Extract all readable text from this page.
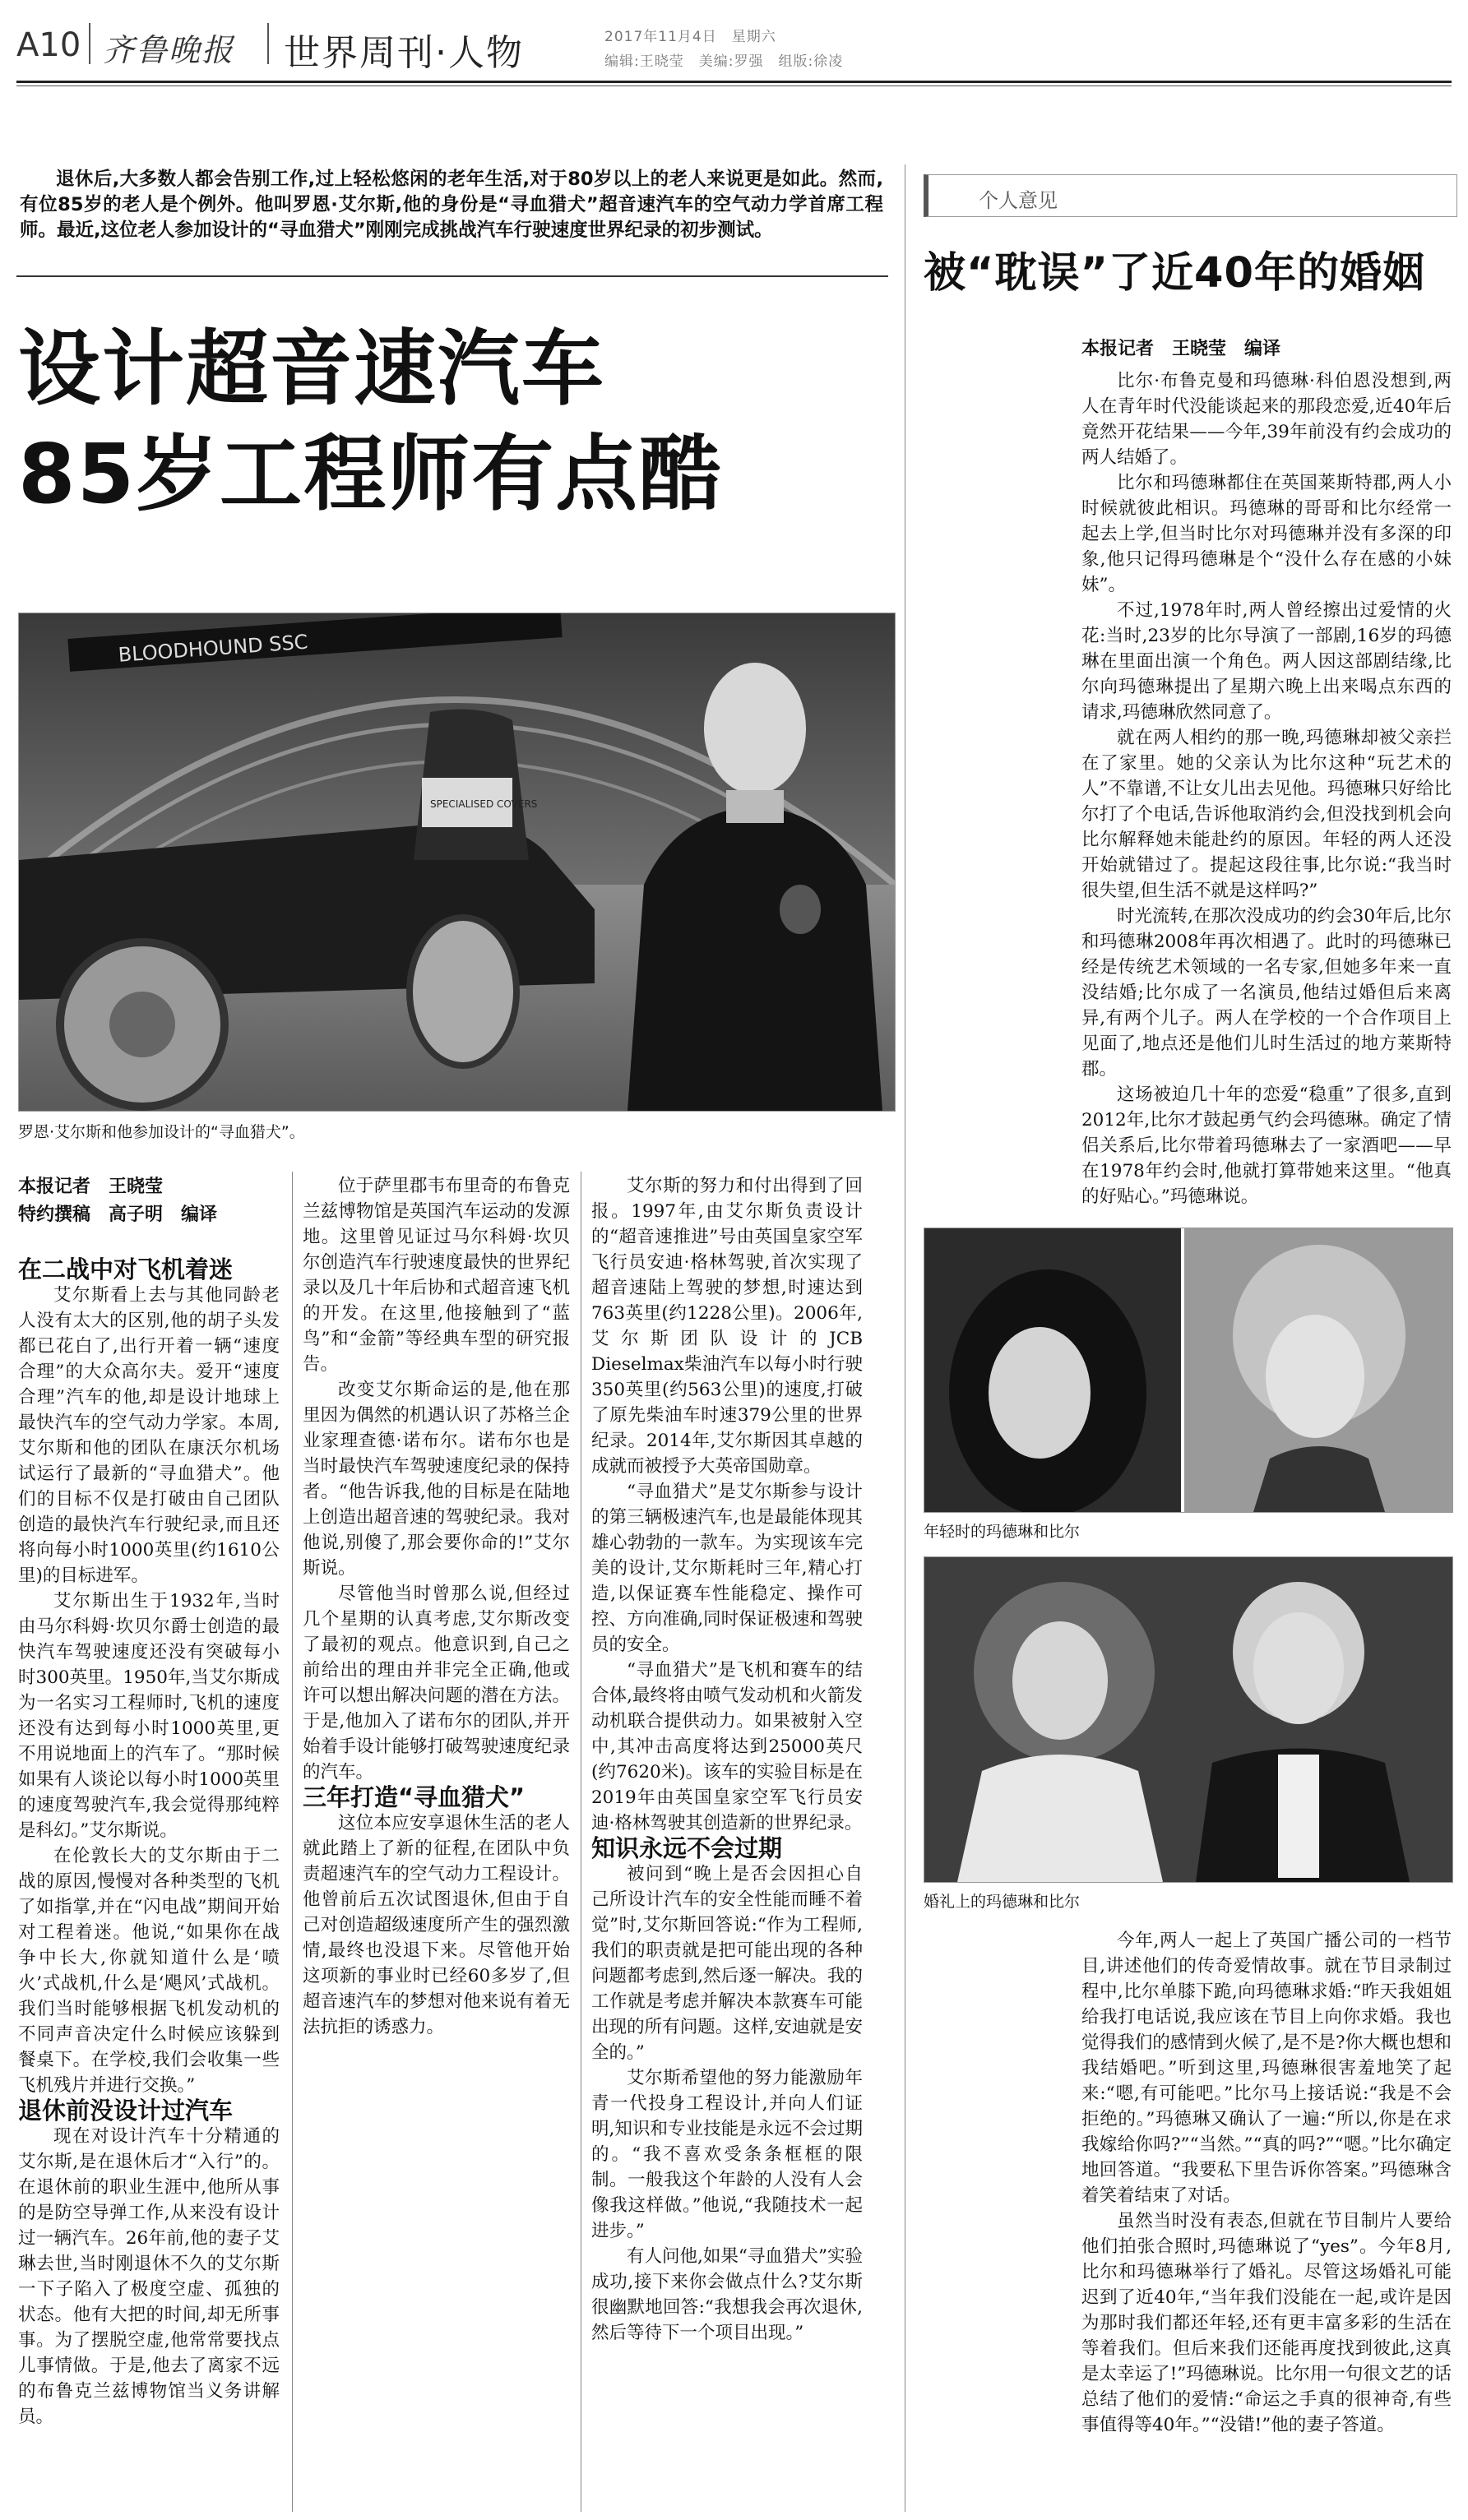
A10 齐鲁晚报 世界周刊·人物	2017年11月4日　星期六
编辑:王晓莹　美编:罗强　组版:徐凌
退休后,大多数人都会告别工作,过上轻松悠闲的老年生活,对于80岁以上的老人来说更是如此。然而,有位85岁的老人是个例外。他叫罗恩·艾尔斯,他的身份是“寻血猎犬”超音速汽车的空气动力学首席工程师。最近,这位老人参加设计的“寻血猎犬”刚刚完成挑战汽车行驶速度世界纪录的初步测试。
设计超音速汽车
85岁工程师有点酷
BLOODHOUND SSC
SPECIALISED COVERS
罗恩·艾尔斯和他参加设计的“寻血猎犬”。

本报记者　王晓莹

特约撰稿　高子明　编译

在二战中对飞机着迷

艾尔斯看上去与其他同龄老人没有太大的区别,他的胡子头发都已花白了,出行开着一辆“速度合理”的大众高尔夫。爱开“速度合理”汽车的他,却是设计地球上最快汽车的空气动力学家。本周,艾尔斯和他的团队在康沃尔机场试运行了最新的“寻血猎犬”。他们的目标不仅是打破由自己团队创造的最快汽车行驶纪录,而且还将向每小时1000英里(约1610公里)的目标进军。

艾尔斯出生于1932年,当时由马尔科姆·坎贝尔爵士创造的最快汽车驾驶速度还没有突破每小时300英里。1950年,当艾尔斯成为一名实习工程师时,飞机的速度还没有达到每小时1000英里,更不用说地面上的汽车了。“那时候如果有人谈论以每小时1000英里的速度驾驶汽车,我会觉得那纯粹是科幻。”艾尔斯说。

在伦敦长大的艾尔斯由于二战的原因,慢慢对各种类型的飞机了如指掌,并在“闪电战”期间开始对工程着迷。他说,“如果你在战争中长大,你就知道什么是‘喷火’式战机,什么是‘飓风’式战机。我们当时能够根据飞机发动机的不同声音决定什么时候应该躲到餐桌下。在学校,我们会收集一些飞机残片并进行交换。”

退休前没设计过汽车

现在对设计汽车十分精通的艾尔斯,是在退休后才“入行”的。在退休前的职业生涯中,他所从事的是防空导弹工作,从来没有设计过一辆汽车。26年前,他的妻子艾琳去世,当时刚退休不久的艾尔斯一下子陷入了极度空虚、孤独的状态。他有大把的时间,却无所事事。为了摆脱空虚,他常常要找点儿事情做。于是,他去了离家不远的布鲁克兰兹博物馆当义务讲解员。

位于萨里郡韦布里奇的布鲁克兰兹博物馆是英国汽车运动的发源地。这里曾见证过马尔科姆·坎贝尔创造汽车行驶速度最快的世界纪录以及几十年后协和式超音速飞机的开发。在这里,他接触到了“蓝鸟”和“金箭”等经典车型的研究报告。

改变艾尔斯命运的是,他在那里因为偶然的机遇认识了苏格兰企业家理查德·诺布尔。诺布尔也是当时最快汽车驾驶速度纪录的保持者。“他告诉我,他的目标是在陆地上创造出超音速的驾驶纪录。我对他说,别傻了,那会要你命的!”艾尔斯说。

尽管他当时曾那么说,但经过几个星期的认真考虑,艾尔斯改变了最初的观点。他意识到,自己之前给出的理由并非完全正确,他或许可以想出解决问题的潜在方法。于是,他加入了诺布尔的团队,并开始着手设计能够打破驾驶速度纪录的汽车。

三年打造“寻血猎犬”

这位本应安享退休生活的老人就此踏上了新的征程,在团队中负责超速汽车的空气动力工程设计。他曾前后五次试图退休,但由于自己对创造超级速度所产生的强烈激情,最终也没退下来。尽管他开始这项新的事业时已经60多岁了,但超音速汽车的梦想对他来说有着无法抗拒的诱惑力。

艾尔斯的努力和付出得到了回报。1997年,由艾尔斯负责设计的“超音速推进”号由英国皇家空军飞行员安迪·格林驾驶,首次实现了超音速陆上驾驶的梦想,时速达到763英里(约1228公里)。2006年,艾尔斯团队设计的JCB Dieselmax柴油汽车以每小时行驶350英里(约563公里)的速度,打破了原先柴油车时速379公里的世界纪录。2014年,艾尔斯因其卓越的成就而被授予大英帝国勋章。

“寻血猎犬”是艾尔斯参与设计的第三辆极速汽车,也是最能体现其雄心勃勃的一款车。为实现该车完美的设计,艾尔斯耗时三年,精心打造,以保证赛车性能稳定、操作可控、方向准确,同时保证极速和驾驶员的安全。

“寻血猎犬”是飞机和赛车的结合体,最终将由喷气发动机和火箭发动机联合提供动力。如果被射入空中,其冲击高度将达到25000英尺(约7620米)。该车的实验目标是在2019年由英国皇家空军飞行员安迪·格林驾驶其创造新的世界纪录。

知识永远不会过期

被问到“晚上是否会因担心自己所设计汽车的安全性能而睡不着觉”时,艾尔斯回答说:“作为工程师,我们的职责就是把可能出现的各种问题都考虑到,然后逐一解决。我的工作就是考虑并解决本款赛车可能出现的所有问题。这样,安迪就是安全的。”

艾尔斯希望他的努力能激励年青一代投身工程设计,并向人们证明,知识和专业技能是永远不会过期的。“我不喜欢受条条框框的限制。一般我这个年龄的人没有人会像我这样做。”他说,“我随技术一起进步。”

有人问他,如果“寻血猎犬”实验成功,接下来你会做点什么?艾尔斯很幽默地回答:“我想我会再次退休,然后等待下一个项目出现。”

个人意见
被“耽误”了近40年的婚姻

本报记者　王晓莹　编译

比尔·布鲁克曼和玛德琳·科伯恩没想到,两人在青年时代没能谈起来的那段恋爱,近40年后竟然开花结果——今年,39年前没有约会成功的两人结婚了。

比尔和玛德琳都住在英国莱斯特郡,两人小时候就彼此相识。玛德琳的哥哥和比尔经常一起去上学,但当时比尔对玛德琳并没有多深的印象,他只记得玛德琳是个“没什么存在感的小妹妹”。

不过,1978年时,两人曾经擦出过爱情的火花:当时,23岁的比尔导演了一部剧,16岁的玛德琳在里面出演一个角色。两人因这部剧结缘,比尔向玛德琳提出了星期六晚上出来喝点东西的请求,玛德琳欣然同意了。

就在两人相约的那一晚,玛德琳却被父亲拦在了家里。她的父亲认为比尔这种“玩艺术的人”不靠谱,不让女儿出去见他。玛德琳只好给比尔打了个电话,告诉他取消约会,但没找到机会向比尔解释她未能赴约的原因。年轻的两人还没开始就错过了。提起这段往事,比尔说:“我当时很失望,但生活不就是这样吗?”

时光流转,在那次没成功的约会30年后,比尔和玛德琳2008年再次相遇了。此时的玛德琳已经是传统艺术领域的一名专家,但她多年来一直没结婚;比尔成了一名演员,他结过婚但后来离异,有两个儿子。两人在学校的一个合作项目上见面了,地点还是他们儿时生活过的地方莱斯特郡。

这场被迫几十年的恋爱“稳重”了很多,直到2012年,比尔才鼓起勇气约会玛德琳。确定了情侣关系后,比尔带着玛德琳去了一家酒吧——早在1978年约会时,他就打算带她来这里。“他真的好贴心。”玛德琳说。

年轻时的玛德琳和比尔
婚礼上的玛德琳和比尔

今年,两人一起上了英国广播公司的一档节目,讲述他们的传奇爱情故事。就在节目录制过程中,比尔单膝下跪,向玛德琳求婚:“昨天我姐姐给我打电话说,我应该在节目上向你求婚。我也觉得我们的感情到火候了,是不是?你大概也想和我结婚吧。”听到这里,玛德琳很害羞地笑了起来:“嗯,有可能吧。”比尔马上接话说:“我是不会拒绝的。”玛德琳又确认了一遍:“所以,你是在求我嫁给你吗?”“当然。”“真的吗?”“嗯。”比尔确定地回答道。“我要私下里告诉你答案。”玛德琳含着笑着结束了对话。

虽然当时没有表态,但就在节目制片人要给他们拍张合照时,玛德琳说了“yes”。今年8月,比尔和玛德琳举行了婚礼。尽管这场婚礼可能迟到了近40年,“当年我们没能在一起,或许是因为那时我们都还年轻,还有更丰富多彩的生活在等着我们。但后来我们还能再度找到彼此,这真是太幸运了!”玛德琳说。比尔用一句很文艺的话总结了他们的爱情:“命运之手真的很神奇,有些事值得等40年。”“没错!”他的妻子答道。
